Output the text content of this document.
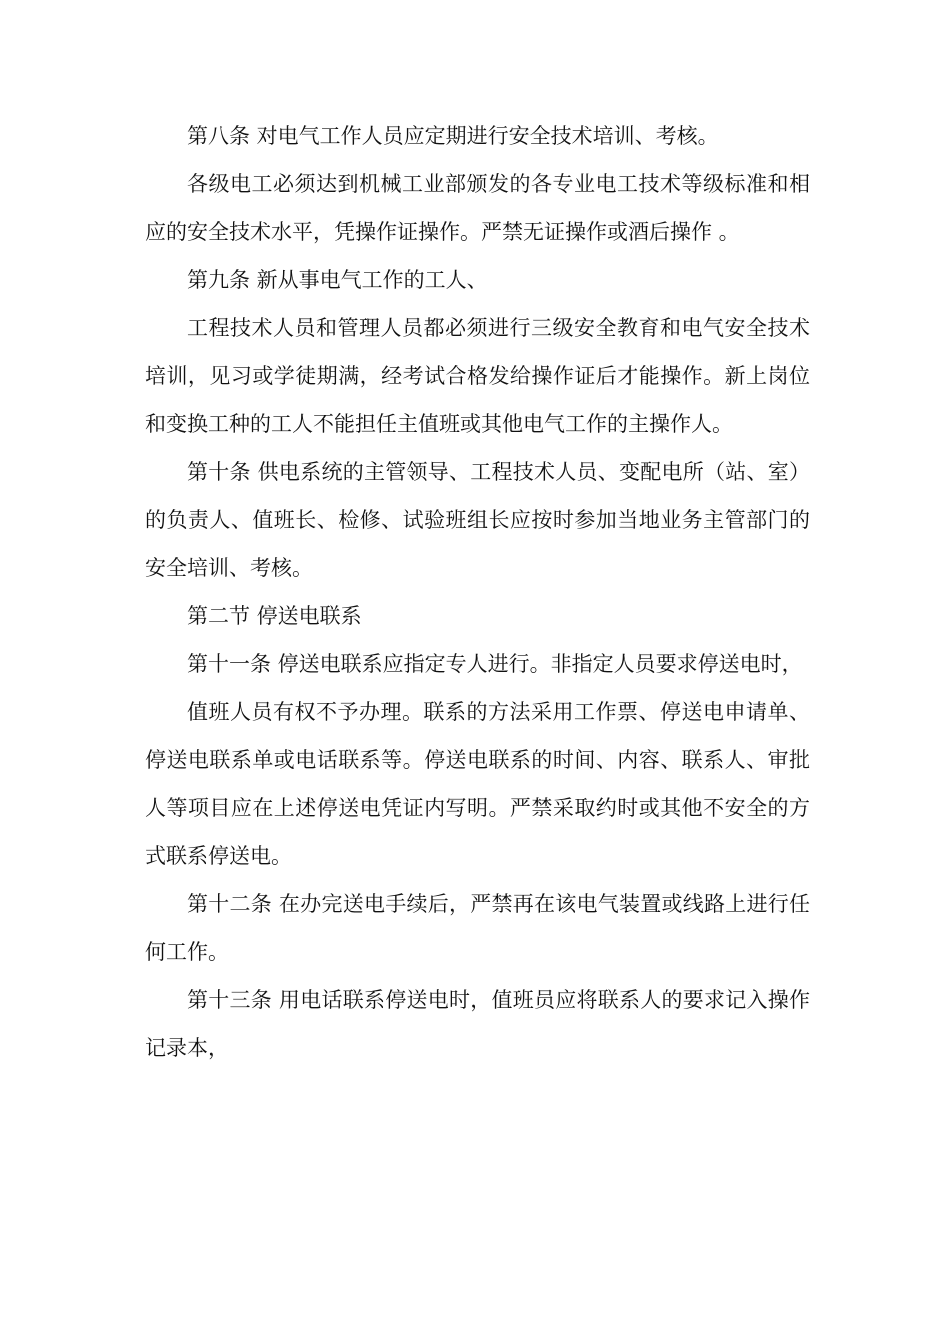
第八条 对电气工作人员应定期进行安全技术培训、考核。

各级电工必须达到机械工业部颁发的各专业电工技术等级标准和相应的安全技术水平，凭操作证操作。严禁无证操作或酒后操作 。

第九条 新从事电气工作的工人、

工程技术人员和管理人员都必须进行三级安全教育和电气安全技术培训，见习或学徒期满，经考试合格发给操作证后才能操作。新上岗位和变换工种的工人不能担任主值班或其他电气工作的主操作人。

第十条 供电系统的主管领导、工程技术人员、变配电所（站、室）的负责人、值班长、检修、试验班组长应按时参加当地业务主管部门的安全培训、考核。

第二节 停送电联系

第十一条 停送电联系应指定专人进行。非指定人员要求停送电时，

值班人员有权不予办理。联系的方法采用工作票、停送电申请单、停送电联系单或电话联系等。停送电联系的时间、内容、联系人、审批人等项目应在上述停送电凭证内写明。严禁采取约时或其他不安全的方式联系停送电。

第十二条 在办完送电手续后，严禁再在该电气装置或线路上进行任何工作。

第十三条 用电话联系停送电时，值班员应将联系人的要求记入操作记录本，
